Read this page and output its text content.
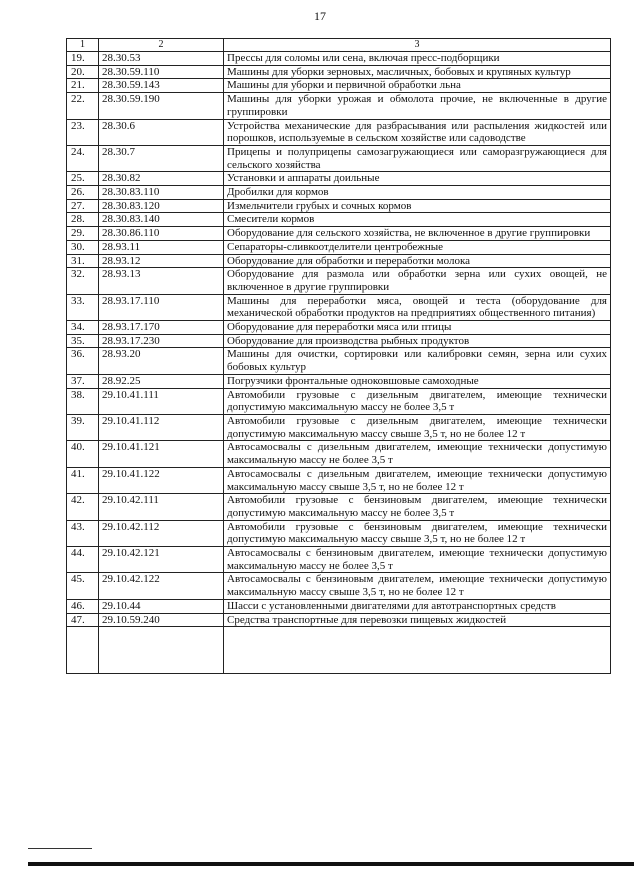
17
1	2	3
19.	28.30.53	Прессы для соломы или сена, включая пресс-подборщики
20.	28.30.59.110	Машины для уборки зерновых, масличных, бобовых и крупяных культур
21.	28.30.59.143	Машины для уборки и первичной обработки льна
22.	28.30.59.190	Машины для уборки урожая и обмолота прочие, не включенные в другие группировки
23.	28.30.6	Устройства механические для разбрасывания или распыления жидкостей или порошков, используемые в сельском хозяйстве или садоводстве
24.	28.30.7	Прицепы и полуприцепы самозагружающиеся или саморазгружающиеся для сельского хозяйства
25.	28.30.82	Установки и аппараты доильные
26.	28.30.83.110	Дробилки для кормов
27.	28.30.83.120	Измельчители грубых и сочных кормов
28.	28.30.83.140	Смесители кормов
29.	28.30.86.110	Оборудование для сельского хозяйства, не включенное в другие группировки
30.	28.93.11	Сепараторы-сливкоотделители центробежные
31.	28.93.12	Оборудование для обработки и переработки молока
32.	28.93.13	Оборудование для размола или обработки зерна или сухих овощей, не включенное в другие группировки
33.	28.93.17.110	Машины для переработки мяса, овощей и теста (оборудование для механической обработки продуктов на предприятиях общественного питания)
34.	28.93.17.170	Оборудование для переработки мяса или птицы
35.	28.93.17.230	Оборудование для производства рыбных продуктов
36.	28.93.20	Машины для очистки, сортировки или калибровки семян, зерна или сухих бобовых культур
37.	28.92.25	Погрузчики фронтальные одноковшовые самоходные
38.	29.10.41.111	Автомобили грузовые с дизельным двигателем, имеющие технически допустимую максимальную массу не более 3,5 т
39.	29.10.41.112	Автомобили грузовые с дизельным двигателем, имеющие технически допустимую максимальную массу свыше 3,5 т, но не более 12 т
40.	29.10.41.121	Автосамосвалы с дизельным двигателем, имеющие технически допустимую максимальную массу не более 3,5 т
41.	29.10.41.122	Автосамосвалы с дизельным двигателем, имеющие технически допустимую максимальную массу свыше 3,5 т, но не более 12 т
42.	29.10.42.111	Автомобили грузовые с бензиновым двигателем, имеющие технически допустимую максимальную массу не более 3,5 т
43.	29.10.42.112	Автомобили грузовые с бензиновым двигателем, имеющие технически допустимую максимальную массу свыше 3,5 т, но не более 12 т
44.	29.10.42.121	Автосамосвалы с бензиновым двигателем, имеющие технически допустимую максимальную массу не более 3,5 т
45.	29.10.42.122	Автосамосвалы с бензиновым двигателем, имеющие технически допустимую максимальную массу свыше 3,5 т, но не более 12 т
46.	29.10.44	Шасси с установленными двигателями для автотранспортных средств
47.	29.10.59.240	Средства транспортные для перевозки пищевых жидкостей
